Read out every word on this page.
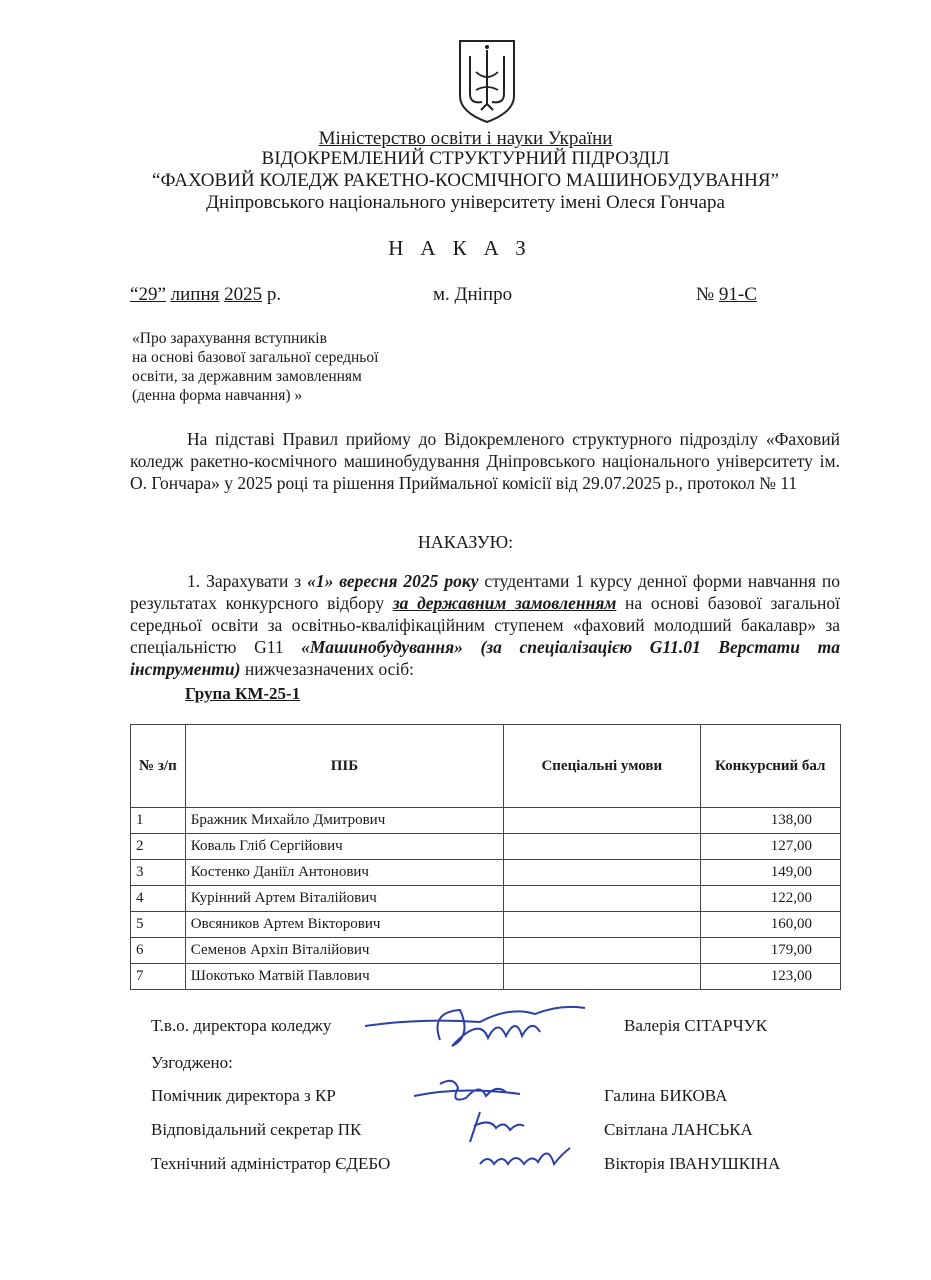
Міністерство освіти і науки України
ВІДОКРЕМЛЕНИЙ СТРУКТУРНИЙ ПІДРОЗДІЛ
“ФАХОВИЙ КОЛЕДЖ РАКЕТНО-КОСМІЧНОГО МАШИНОБУДУВАННЯ”
Дніпровського національного університету імені Олеся Гончара
НАКАЗ
“29” липня 2025 р.	м. Дніпро	№ 91-С
«Про зарахування вступників
на основі базової загальної середньої
освіти, за державним замовленням
(денна форма навчання) »
На підставі Правил прийому до Відокремленого структурного підрозділу «Фаховий коледж ракетно-космічного машинобудування Дніпровського національного університету ім. О. Гончара» у 2025 році та рішення Приймальної комісії від 29.07.2025 р., протокол № 11
НАКАЗУЮ:
1. Зарахувати з «1» вересня 2025 року студентами 1 курсу денної форми навчання по результатах конкурсного відбору за державним замовленням на основі базової загальної середньої освіти за освітньо-кваліфікаційним ступенем «фаховий молодший бакалавр» за спеціальністю G11 «Машинобудування» (за спеціалізацією G11.01 Верстати та інструменти) нижчезазначених осіб:
Група КМ-25-1
№ з/п	ПІБ	Спеціальні умови	Конкурсний бал
1	Бражник Михайло Дмитрович		138,00
2	Коваль Гліб Сергійович		127,00
3	Костенко Даніїл Антонович		149,00
4	Курінний Артем Віталійович		122,00
5	Овсяников Артем Вікторович		160,00
6	Семенов Архіп Віталійович		179,00
7	Шокотько Матвій Павлович		123,00
Т.в.о. директора коледжу	Валерія СІТАРЧУК
Узгоджено:
Помічник директора з КР	Галина БИКОВА
Відповідальний секретар ПК	Світлана ЛАНСЬКА
Технічний адміністратор ЄДЕБО	Вікторія ІВАНУШКІНА
